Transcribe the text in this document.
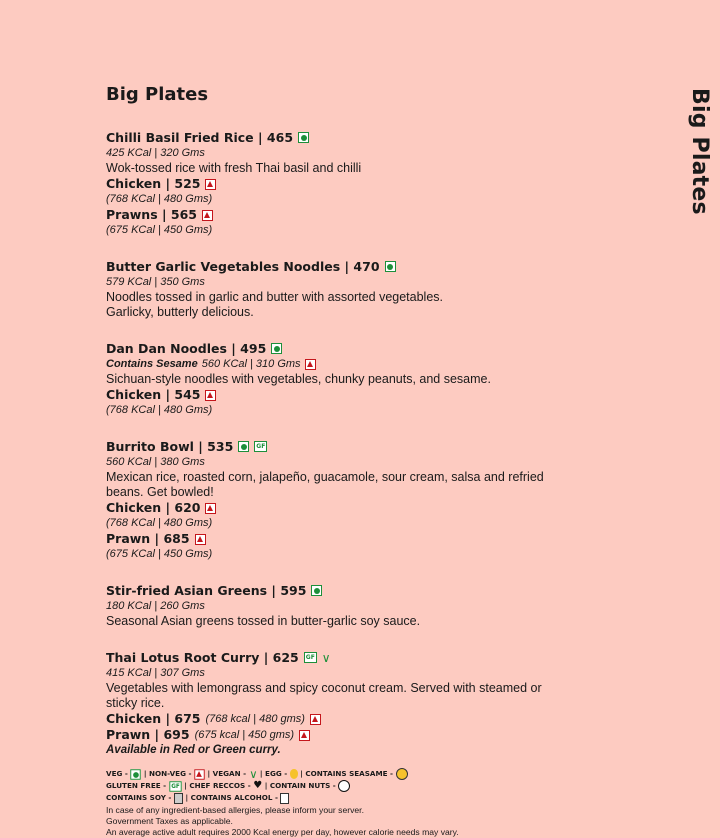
Big Plates
Big Plates
Chilli Basil Fried Rice | 465
425 KCal | 320 Gms
Wok-tossed rice with fresh Thai basil and chilli
Chicken | 525
(768 KCal | 480 Gms)
Prawns | 565
(675 KCal | 450 Gms)
Butter Garlic Vegetables Noodles | 470
579 KCal | 350 Gms
Noodles tossed in garlic and butter with assorted vegetables.
Garlicky, butterly delicious.
Dan Dan Noodles | 495
Contains Sesame 560 KCal | 310 Gms
Sichuan-style noodles with vegetables, chunky peanuts, and sesame.
Chicken | 545
(768 KCal | 480 Gms)
Burrito Bowl | 535	GF
560 KCal | 380 Gms
Mexican rice, roasted corn, jalapeño, guacamole, sour cream, salsa and refried beans. Get bowled!
Chicken | 620
(768 KCal | 480 Gms)
Prawn | 685
(675 KCal | 450 Gms)
Stir-fried Asian Greens | 595
180 KCal | 260 Gms
Seasonal Asian greens tossed in butter-garlic soy sauce.
Thai Lotus Root Curry | 625	GF ∨
415 KCal | 307 Gms
Vegetables with lemongrass and spicy coconut cream. Served with steamed or sticky rice.
Chicken | 675 (768 kcal | 480 gms)
Prawn | 695 (675 kcal | 450 gms)
Available in Red or Green curry.
VEG - | NON-VEG - | VEGAN - ∨ | EGG - | CONTAINS SEASAME -
GLUTEN FREE - GF | CHEF RECCOS - ♥ | CONTAIN NUTS -
CONTAINS SOY - | CONTAINS ALCOHOL -
In case of any ingredient-based allergies, please inform your server.
Government Taxes as applicable.
An average active adult requires 2000 Kcal energy per day, however calorie needs may vary.
